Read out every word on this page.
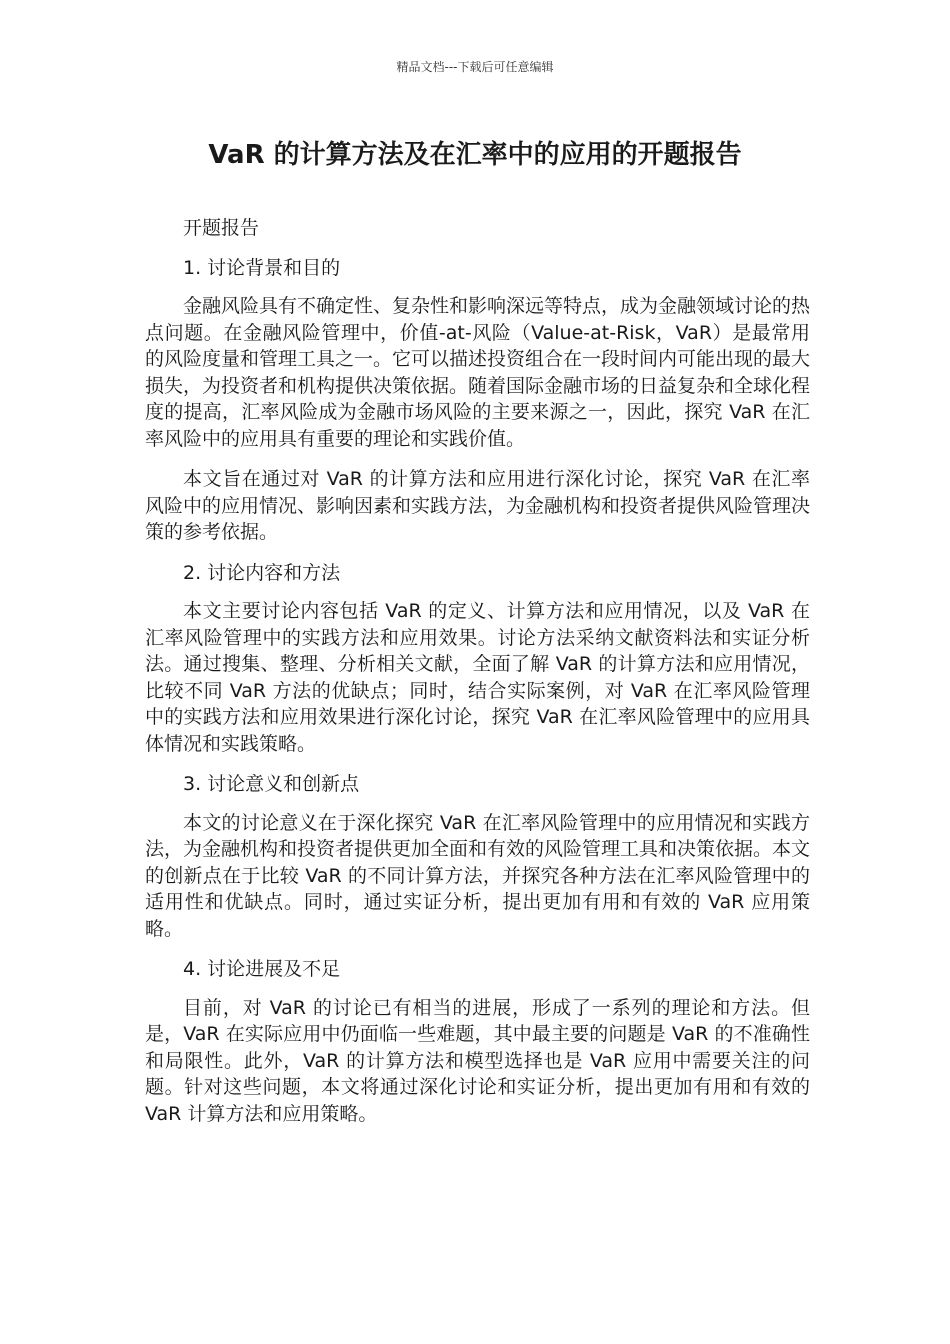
精品文档---下载后可任意编辑
VaR 的计算方法及在汇率中的应用的开题报告

开题报告

1. 讨论背景和目的

金融风险具有不确定性、复杂性和影响深远等特点，成为金融领域讨论的热点问题。在金融风险管理中，价值-at-风险（Value-at-Risk，VaR）是最常用的风险度量和管理工具之一。它可以描述投资组合在一段时间内可能出现的最大损失，为投资者和机构提供决策依据。随着国际金融市场的日益复杂和全球化程度的提高，汇率风险成为金融市场风险的主要来源之一，因此，探究 VaR 在汇率风险中的应用具有重要的理论和实践价值。

本文旨在通过对 VaR 的计算方法和应用进行深化讨论，探究 VaR 在汇率风险中的应用情况、影响因素和实践方法，为金融机构和投资者提供风险管理决策的参考依据。

2. 讨论内容和方法

本文主要讨论内容包括 VaR 的定义、计算方法和应用情况，以及 VaR 在汇率风险管理中的实践方法和应用效果。讨论方法采纳文献资料法和实证分析法。通过搜集、整理、分析相关文献，全面了解 VaR 的计算方法和应用情况，比较不同 VaR 方法的优缺点；同时，结合实际案例，对 VaR 在汇率风险管理中的实践方法和应用效果进行深化讨论，探究 VaR 在汇率风险管理中的应用具体情况和实践策略。

3. 讨论意义和创新点

本文的讨论意义在于深化探究 VaR 在汇率风险管理中的应用情况和实践方法，为金融机构和投资者提供更加全面和有效的风险管理工具和决策依据。本文的创新点在于比较 VaR 的不同计算方法，并探究各种方法在汇率风险管理中的适用性和优缺点。同时，通过实证分析，提出更加有用和有效的 VaR 应用策略。

4. 讨论进展及不足

目前，对 VaR 的讨论已有相当的进展，形成了一系列的理论和方法。但是，VaR 在实际应用中仍面临一些难题，其中最主要的问题是 VaR 的不准确性和局限性。此外，VaR 的计算方法和模型选择也是 VaR 应用中需要关注的问题。针对这些问题，本文将通过深化讨论和实证分析，提出更加有用和有效的 VaR 计算方法和应用策略。
